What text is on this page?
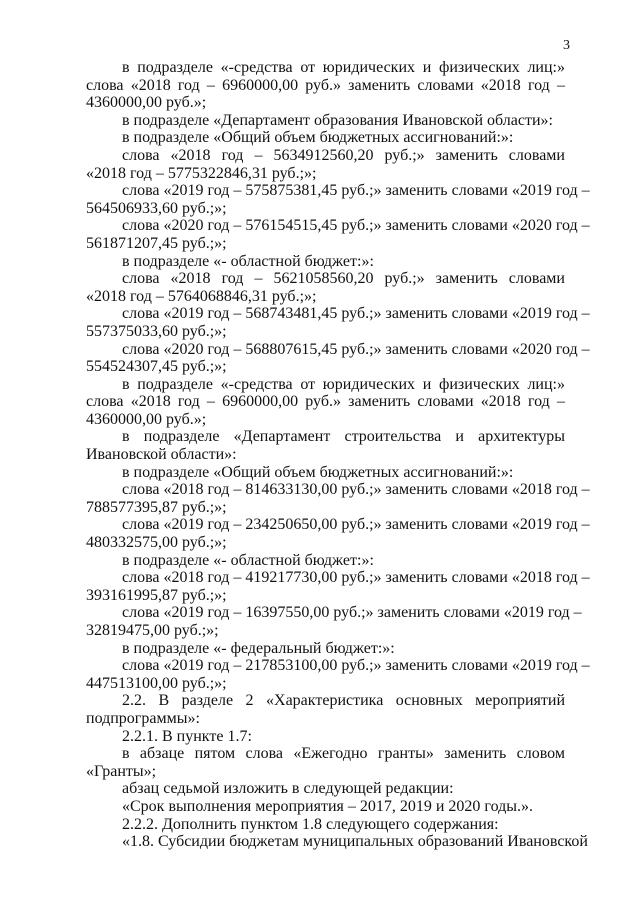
3
в подразделе «-средства от юридических и физических лиц:»
слова «2018 год – 6960000,00 руб.» заменить словами «2018 год –
4360000,00 руб.»;
в подразделе «Департамент образования Ивановской области»:
в подразделе «Общий объем бюджетных ассигнований:»:
слова «2018 год – 5634912560,20 руб.;» заменить словами
«2018 год – 5775322846,31 руб.;»;
слова «2019 год – 575875381,45 руб.;» заменить словами «2019 год –
564506933,60 руб.;»;
слова «2020 год – 576154515,45 руб.;» заменить словами «2020 год –
561871207,45 руб.;»;
в подразделе «- областной бюджет:»:
слова «2018 год – 5621058560,20 руб.;» заменить словами
«2018 год – 5764068846,31 руб.;»;
слова «2019 год – 568743481,45 руб.;» заменить словами «2019 год –
557375033,60 руб.;»;
слова «2020 год – 568807615,45 руб.;» заменить словами «2020 год –
554524307,45 руб.;»;
в подразделе «-средства от юридических и физических лиц:»
слова «2018 год – 6960000,00 руб.» заменить словами «2018 год –
4360000,00 руб.»;
в подразделе «Департамент строительства и архитектуры
Ивановской области»:
в подразделе «Общий объем бюджетных ассигнований:»:
слова «2018 год – 814633130,00 руб.;» заменить словами «2018 год –
788577395,87 руб.;»;
слова «2019 год – 234250650,00 руб.;» заменить словами «2019 год –
480332575,00 руб.;»;
в подразделе «- областной бюджет:»:
слова «2018 год – 419217730,00 руб.;» заменить словами «2018 год –
393161995,87 руб.;»;
слова «2019 год – 16397550,00 руб.;» заменить словами «2019 год –
32819475,00 руб.;»;
в подразделе «- федеральный бюджет:»:
слова «2019 год – 217853100,00 руб.;» заменить словами «2019 год –
447513100,00 руб.;»;
2.2. В разделе 2 «Характеристика основных мероприятий
подпрограммы»:
2.2.1. В пункте 1.7:
в абзаце пятом слова «Ежегодно гранты» заменить словом
«Гранты»;
абзац седьмой изложить в следующей редакции:
«Срок выполнения мероприятия – 2017, 2019 и 2020 годы.».
2.2.2. Дополнить пунктом 1.8 следующего содержания:
«1.8. Субсидии бюджетам муниципальных образований Ивановской
